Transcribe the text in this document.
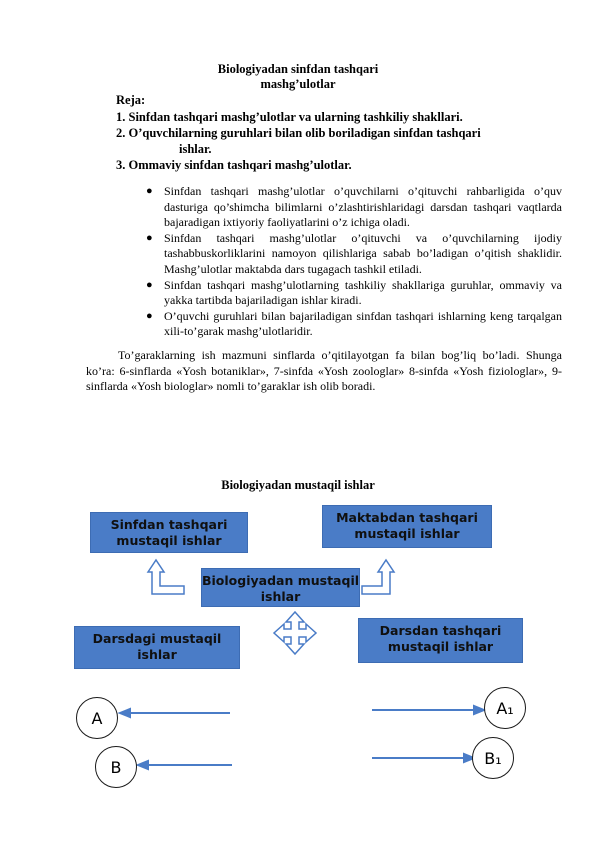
Biologiyadan sinfdan tashqari
mashg’ulotlar
Reja:
1. Sinfdan tashqari mashg’ulotlar va ularning tashkiliy shakllari.
2. O’quvchilarning guruhlari bilan olib boriladigan sinfdan tashqari
ishlar.
3. Ommaviy sinfdan tashqari mashg’ulotlar.
● Sinfdan tashqari mashg’ulotlar o’quvchilarni o’qituvchi rahbarligida o’quv dasturiga qo’shimcha bilimlarni o’zlashtirishlaridagi darsdan tashqari vaqtlarda bajaradigan ixtiyoriy faoliyatlarini o’z ichiga oladi.
● Sinfdan tashqari mashg’ulotlar o’qituvchi va o’quvchilarning ijodiy tashabbuskorliklarini namoyon qilishlariga sabab bo’ladigan o’qitish shaklidir. Mashg’ulotlar maktabda dars tugagach tashkil etiladi.
● Sinfdan tashqari mashg’ulotlarning tashkiliy shakllariga guruhlar, ommaviy va yakka tartibda bajariladigan ishlar kiradi.
● O’quvchi guruhlari bilan bajariladigan sinfdan tashqari ishlarning keng tarqalgan xili-to’garak mashg’ulotlaridir.
To’garaklarning ish mazmuni sinflarda o’qitilayotgan fa bilan bog’liq bo’ladi. Shunga ko’ra: 6-sinflarda «Yosh botaniklar», 7-sinfda «Yosh zoologlar» 8-sinfda «Yosh fiziologlar», 9-sinflarda «Yosh biologlar» nomli to’garaklar ish olib boradi.
Biologiyadan mustaqil ishlar
Sinfdan tashqari mustaqil ishlar
Maktabdan tashqari mustaqil ishlar
Biologiyadan mustaqil ishlar
Darsdagi mustaqil ishlar
Darsdan tashqari mustaqil ishlar
A
A₁
B	B₁
